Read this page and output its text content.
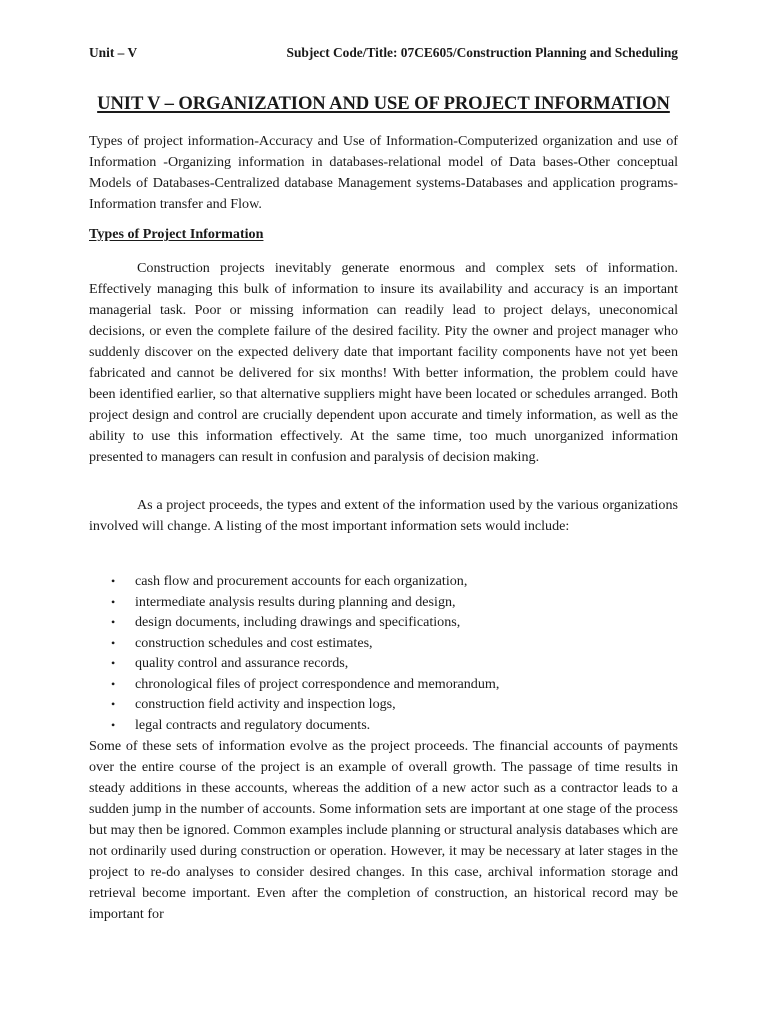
Unit – V	Subject Code/Title: 07CE605/Construction Planning and Scheduling
UNIT V – ORGANIZATION AND USE OF PROJECT INFORMATION

Types of project information-Accuracy and Use of Information-Computerized organization and use of Information -Organizing information in databases-relational model of Data bases-Other conceptual Models of Databases-Centralized database Management systems-Databases and application programs-Information transfer and Flow.

Types of Project Information

Construction projects inevitably generate enormous and complex sets of information. Effectively managing this bulk of information to insure its availability and accuracy is an important managerial task. Poor or missing information can readily lead to project delays, uneconomical decisions, or even the complete failure of the desired facility. Pity the owner and project manager who suddenly discover on the expected delivery date that important facility components have not yet been fabricated and cannot be delivered for six months! With better information, the problem could have been identified earlier, so that alternative suppliers might have been located or schedules arranged. Both project design and control are crucially dependent upon accurate and timely information, as well as the ability to use this information effectively. At the same time, too much unorganized information presented to managers can result in confusion and paralysis of decision making.

As a project proceeds, the types and extent of the information used by the various organizations involved will change. A listing of the most important information sets would include:

• cash flow and procurement accounts for each organization,
• intermediate analysis results during planning and design,
• design documents, including drawings and specifications,
• construction schedules and cost estimates,
• quality control and assurance records,
• chronological files of project correspondence and memorandum,
• construction field activity and inspection logs,
• legal contracts and regulatory documents.

Some of these sets of information evolve as the project proceeds. The financial accounts of payments over the entire course of the project is an example of overall growth. The passage of time results in steady additions in these accounts, whereas the addition of a new actor such as a contractor leads to a sudden jump in the number of accounts. Some information sets are important at one stage of the process but may then be ignored. Common examples include planning or structural analysis databases which are not ordinarily used during construction or operation. However, it may be necessary at later stages in the project to re-do analyses to consider desired changes. In this case, archival information storage and retrieval become important. Even after the completion of construction, an historical record may be important for
